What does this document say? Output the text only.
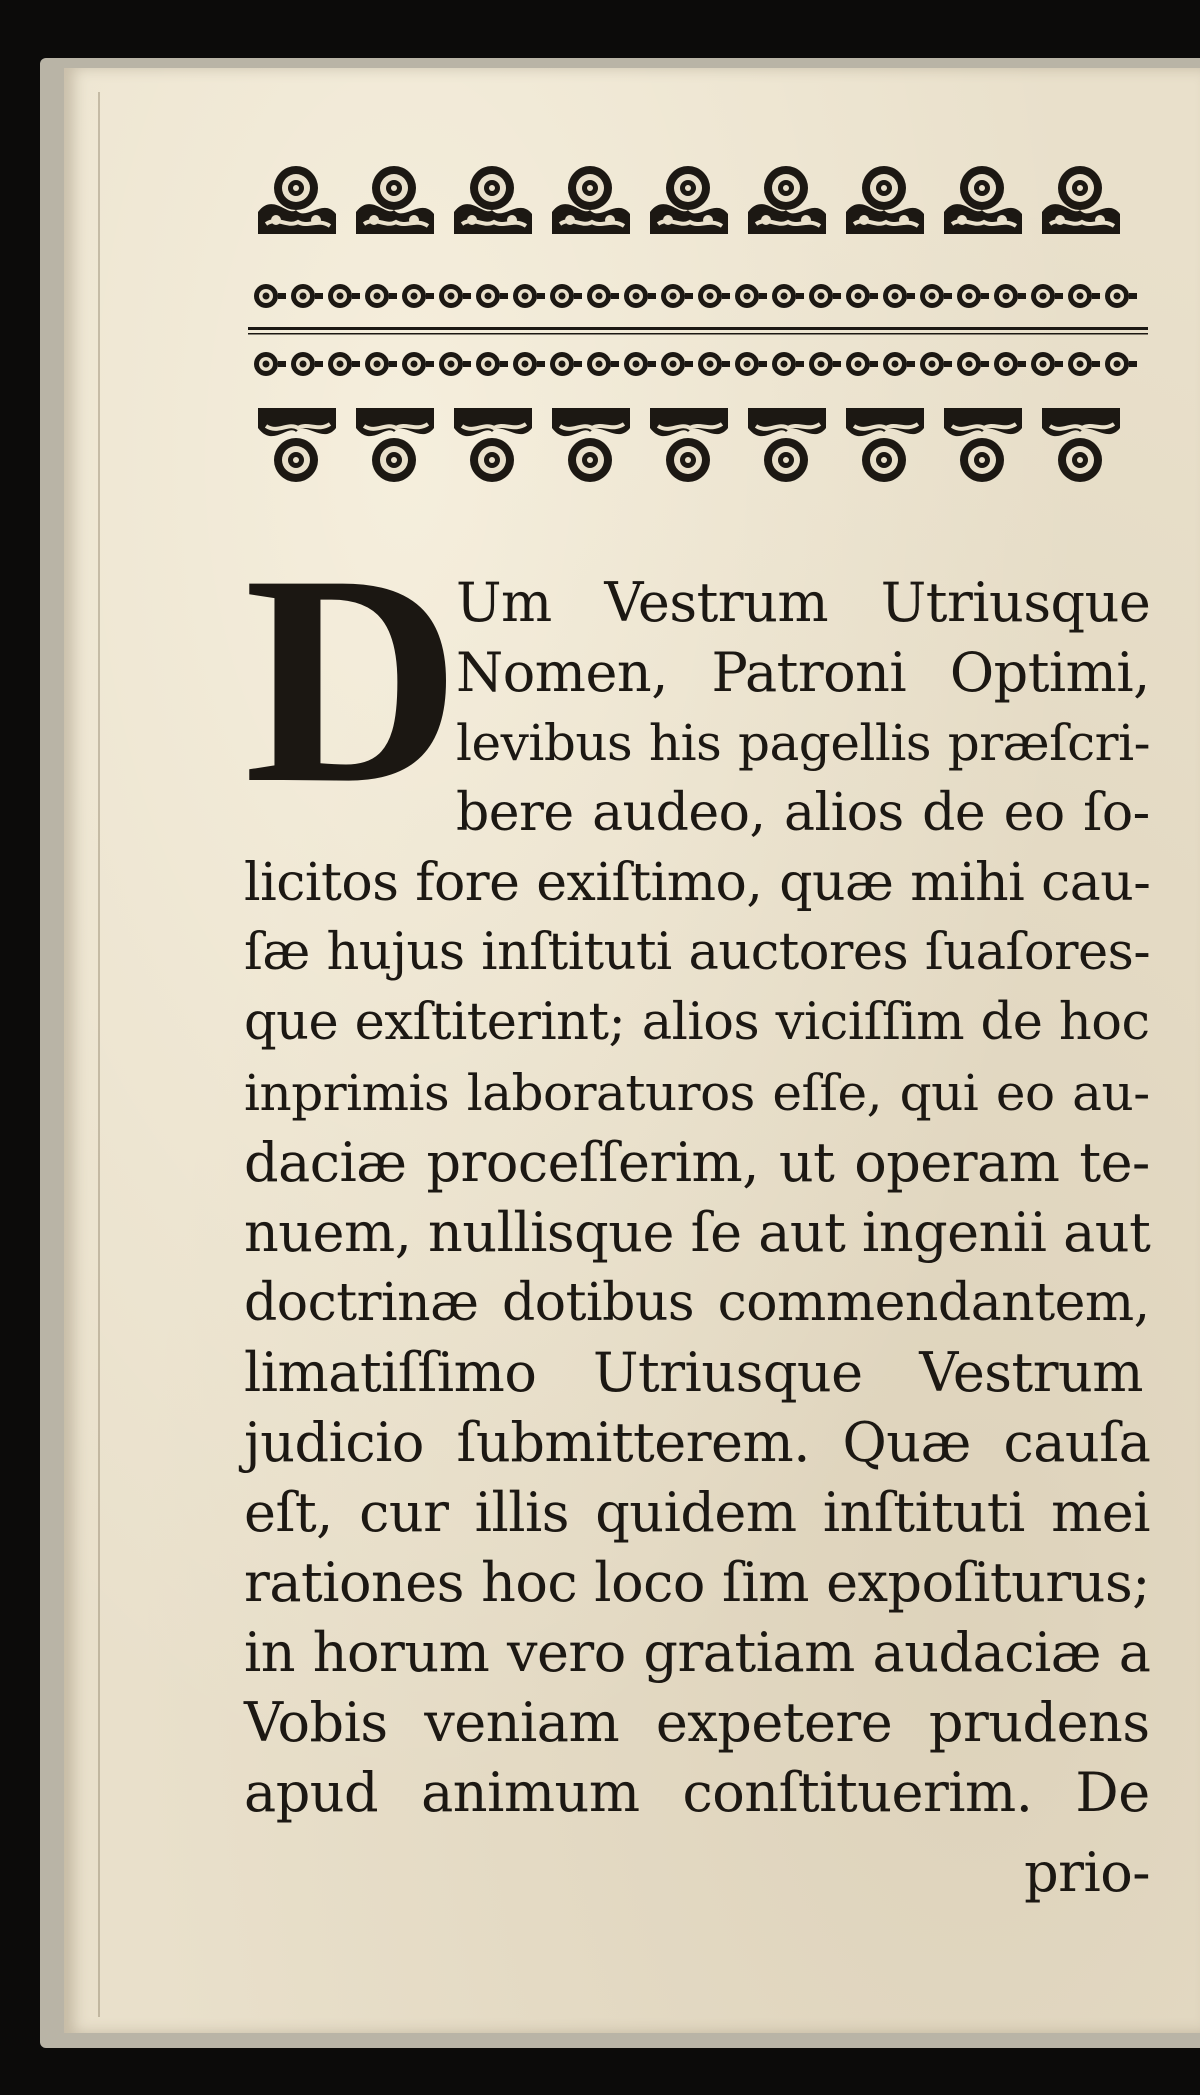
D
Um Vestrum Utriusque
Nomen, Patroni Optimi,
levibus his pagellis præſcri-
bere audeo, alios de eo ſo-
licitos fore exiſtimo, quæ mihi cau-
ſæ hujus inſtituti auctores ſuaſores-
que exſtiterint; alios viciſſim de hoc
inprimis laboraturos eſſe, qui eo au-
daciæ proceſſerim, ut operam te-
nuem, nullisque ſe aut ingenii aut
doctrinæ dotibus commendantem,
limatiſſimo Utriusque Vestrum
judicio ſubmitterem. Quæ cauſa
eſt, cur illis quidem inſtituti mei
rationes hoc loco ſim expoſiturus;
in horum vero gratiam audaciæ a
Vobis veniam expetere prudens
apud animum conſtituerim. De
prio-
